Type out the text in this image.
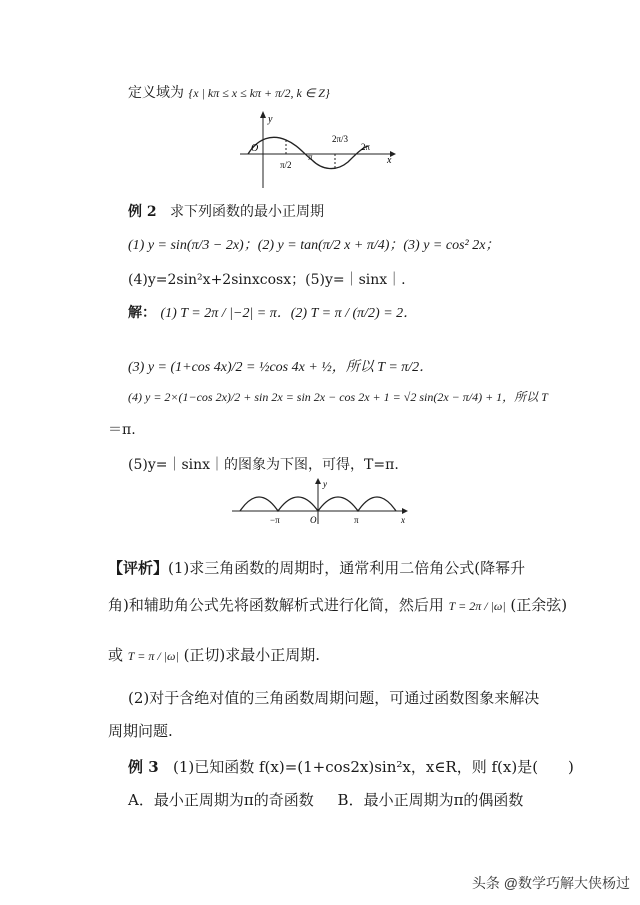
定义域为 {x | kπ ≤ x ≤ kπ + π/2, k ∈ Z}
y
x
O
π/2
π
2π/3
2π
例 2 求下列函数的最小正周期
(1) y = sin(π/3 − 2x)；(2) y = tan(π/2 x + π/4)；(3) y = cos² 2x；
(4)y=2sin²x+2sinxcosx；(5)y=｜sinx｜.
解： (1) T = 2π / |−2| = π．(2) T = π / (π/2) = 2．
(3) y = (1+cos 4x)/2 = ½cos 4x + ½，所以 T = π/2．
(4) y = 2×(1−cos 2x)/2 + sin 2x = sin 2x − cos 2x + 1 = √2 sin(2x − π/4) + 1，所以 T
＝π.
(5)y=｜sinx｜的图象为下图，可得，T=π.
y
x
O
−π	π
【评析】(1)求三角函数的周期时，通常利用二倍角公式(降幂升
角)和辅助角公式先将函数解析式进行化简，然后用 T = 2π / |ω| (正余弦)
或 T = π / |ω| (正切)求最小正周期.
(2)对于含绝对值的三角函数周期问题，可通过函数图象来解决
周期问题.
例 3 (1)已知函数 f(x)=(1+cos2x)sin²x，x∈R，则 f(x)是(　　)
A．最小正周期为π的奇函数 B．最小正周期为π的偶函数
头条 @数学巧解大侠杨过
